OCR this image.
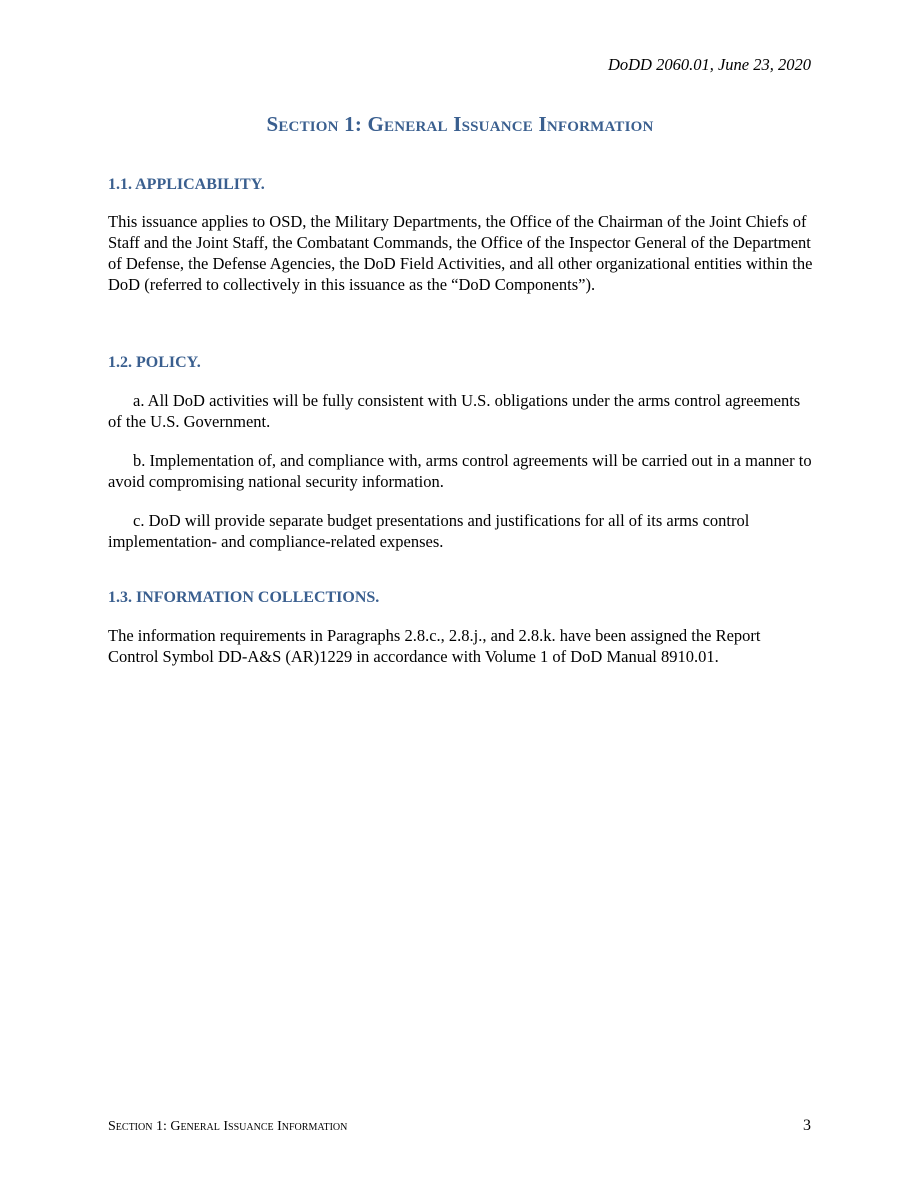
DoDD 2060.01, June 23, 2020
Section 1: General Issuance Information
1.1. APPLICABILITY.

This issuance applies to OSD, the Military Departments, the Office of the Chairman of the Joint Chiefs of Staff and the Joint Staff, the Combatant Commands, the Office of the Inspector General of the Department of Defense, the Defense Agencies, the DoD Field Activities, and all other organizational entities within the DoD (referred to collectively in this issuance as the “DoD Components”).

1.2. POLICY.

a. All DoD activities will be fully consistent with U.S. obligations under the arms control agreements of the U.S. Government.

b. Implementation of, and compliance with, arms control agreements will be carried out in a manner to avoid compromising national security information.

c. DoD will provide separate budget presentations and justifications for all of its arms control implementation- and compliance-related expenses.

1.3. INFORMATION COLLECTIONS.

The information requirements in Paragraphs 2.8.c., 2.8.j., and 2.8.k. have been assigned the Report Control Symbol DD-A&S (AR)1229 in accordance with Volume 1 of DoD Manual 8910.01.

Section 1: General Issuance Information	3
